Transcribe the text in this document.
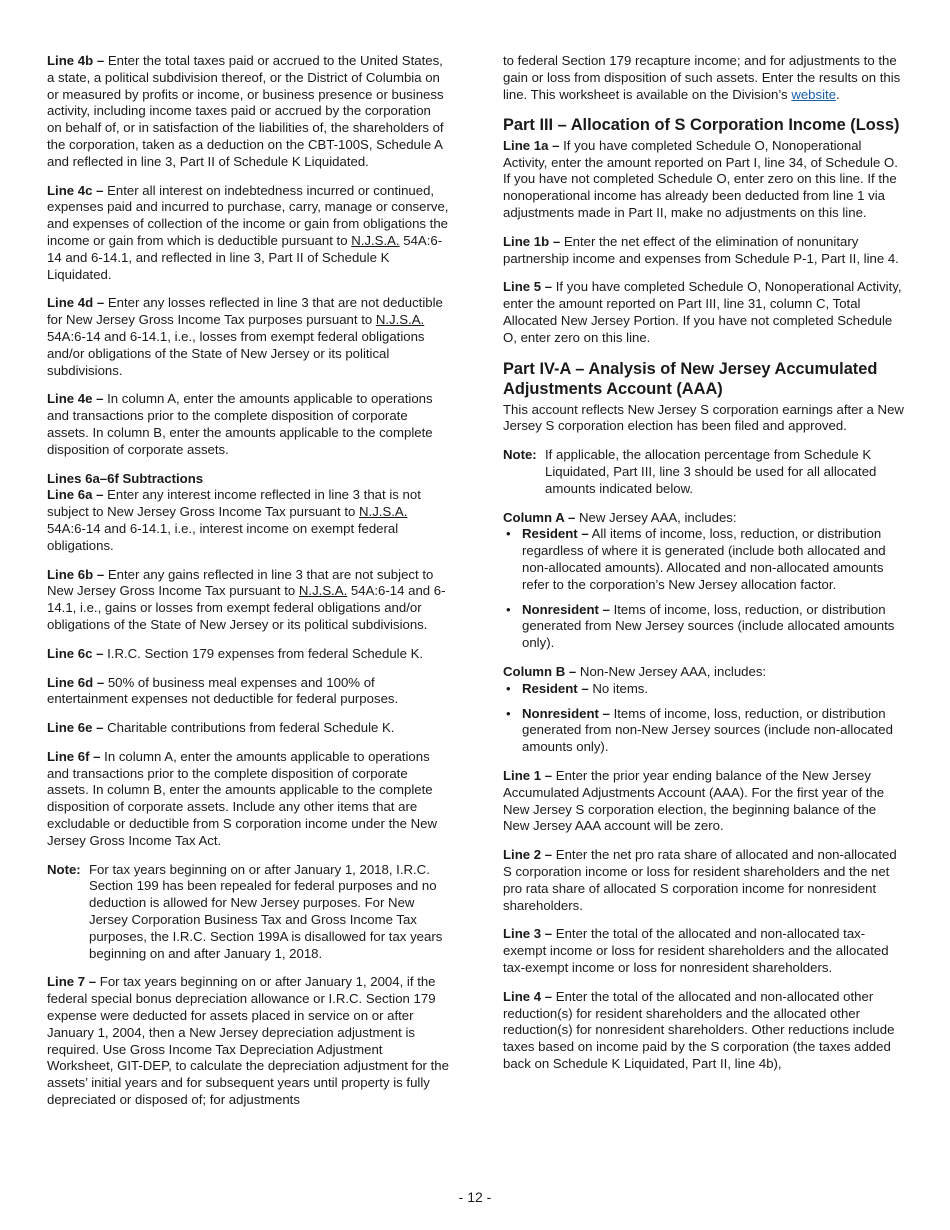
Line 4b – Enter the total taxes paid or accrued to the United States, a state, a political subdivision thereof, or the District of Columbia on or measured by profits or income, or business presence or business activity, including income taxes paid or accrued by the corporation on behalf of, or in satisfaction of the liabilities of, the shareholders of the corporation, taken as a deduction on the CBT-100S, Schedule A and reflected in line 3, Part II of Schedule K Liquidated.

Line 4c – Enter all interest on indebtedness incurred or continued, expenses paid and incurred to purchase, carry, manage or conserve, and expenses of collection of the income or gain from obligations the income or gain from which is deductible pursuant to N.J.S.A. 54A:6-14 and 6-14.1, and reflected in line 3, Part II of Schedule K Liquidated.

Line 4d – Enter any losses reflected in line 3 that are not deductible for New Jersey Gross Income Tax purposes pursuant to N.J.S.A. 54A:6-14 and 6-14.1, i.e., losses from exempt federal obligations and/or obligations of the State of New Jersey or its political subdivisions.

Line 4e – In column A, enter the amounts applicable to operations and transactions prior to the complete disposition of corporate assets. In column B, enter the amounts applicable to the complete disposition of corporate assets.

Lines 6a–6f Subtractions

Line 6a – Enter any interest income reflected in line 3 that is not subject to New Jersey Gross Income Tax pursuant to N.J.S.A. 54A:6-14 and 6-14.1, i.e., interest income on exempt federal obligations.

Line 6b – Enter any gains reflected in line 3 that are not subject to New Jersey Gross Income Tax pursuant to N.J.S.A. 54A:6-14 and 6-14.1, i.e., gains or losses from exempt federal obligations and/or obligations of the State of New Jersey or its political subdivisions.

Line 6c – I.R.C. Section 179 expenses from federal Schedule K.

Line 6d – 50% of business meal expenses and 100% of entertainment expenses not deductible for federal purposes.

Line 6e – Charitable contributions from federal Schedule K.

Line 6f – In column A, enter the amounts applicable to operations and transactions prior to the complete disposition of corporate assets. In column B, enter the amounts applicable to the complete disposition of corporate assets. Include any other items that are excludable or deductible from S corporation income under the New Jersey Gross Income Tax Act.

Note: For tax years beginning on or after January 1, 2018, I.R.C. Section 199 has been repealed for federal purposes and no deduction is allowed for New Jersey purposes. For New Jersey Corporation Business Tax and Gross Income Tax purposes, the I.R.C. Section 199A is disallowed for tax years beginning on and after January 1, 2018.

Line 7 – For tax years beginning on or after January 1, 2004, if the federal special bonus depreciation allowance or I.R.C. Section 179 expense were deducted for assets placed in service on or after January 1, 2004, then a New Jersey depreciation adjustment is required. Use Gross Income Tax Depreciation Adjustment Worksheet, GIT-DEP, to calculate the depreciation adjustment for the assets’ initial years and for subsequent years until property is fully depreciated or disposed of; for adjustments

to federal Section 179 recapture income; and for adjustments to the gain or loss from disposition of such assets. Enter the results on this line. This worksheet is available on the Division’s website.

Part III – Allocation of S Corporation Income (Loss)

Line 1a – If you have completed Schedule O, Nonoperational Activity, enter the amount reported on Part I, line 34, of Schedule O. If you have not completed Schedule O, enter zero on this line. If the nonoperational income has already been deducted from line 1 via adjustments made in Part II, make no adjustments on this line.

Line 1b – Enter the net effect of the elimination of nonunitary partnership income and expenses from Schedule P-1, Part II, line 4.

Line 5 – If you have completed Schedule O, Nonoperational Activity, enter the amount reported on Part III, line 31, column C, Total Allocated New Jersey Portion. If you have not completed Schedule O, enter zero on this line.

Part IV-A – Analysis of New Jersey Accumulated Adjustments Account (AAA)

This account reflects New Jersey S corporation earnings after a New Jersey S corporation election has been filed and approved.

Note: If applicable, the allocation percentage from Schedule K Liquidated, Part III, line 3 should be used for all allocated amounts indicated below.
Column A – New Jersey AAA, includes:
• Resident – All items of income, loss, reduction, or distribution regardless of where it is generated (include both allocated and non-allocated amounts). Allocated and non-allocated amounts refer to the corporation’s New Jersey allocation factor.
• Nonresident – Items of income, loss, reduction, or distribution generated from New Jersey sources (include allocated amounts only).
Column B – Non-New Jersey AAA, includes:
• Resident – No items.
• Nonresident – Items of income, loss, reduction, or distribution generated from non-New Jersey sources (include non-allocated amounts only).

Line 1 – Enter the prior year ending balance of the New Jersey Accumulated Adjustments Account (AAA). For the first year of the New Jersey S corporation election, the beginning balance of the New Jersey AAA account will be zero.

Line 2 – Enter the net pro rata share of allocated and non-allocated S corporation income or loss for resident shareholders and the net pro rata share of allocated S corporation income for nonresident shareholders.

Line 3 – Enter the total of the allocated and non-allocated tax-exempt income or loss for resident shareholders and the allocated tax-exempt income or loss for nonresident shareholders.

Line 4 – Enter the total of the allocated and non-allocated other reduction(s) for resident shareholders and the allocated other reduction(s) for nonresident shareholders. Other reductions include taxes based on income paid by the S corporation (the taxes added back on Schedule K Liquidated, Part II, line 4b),

- 12 -
